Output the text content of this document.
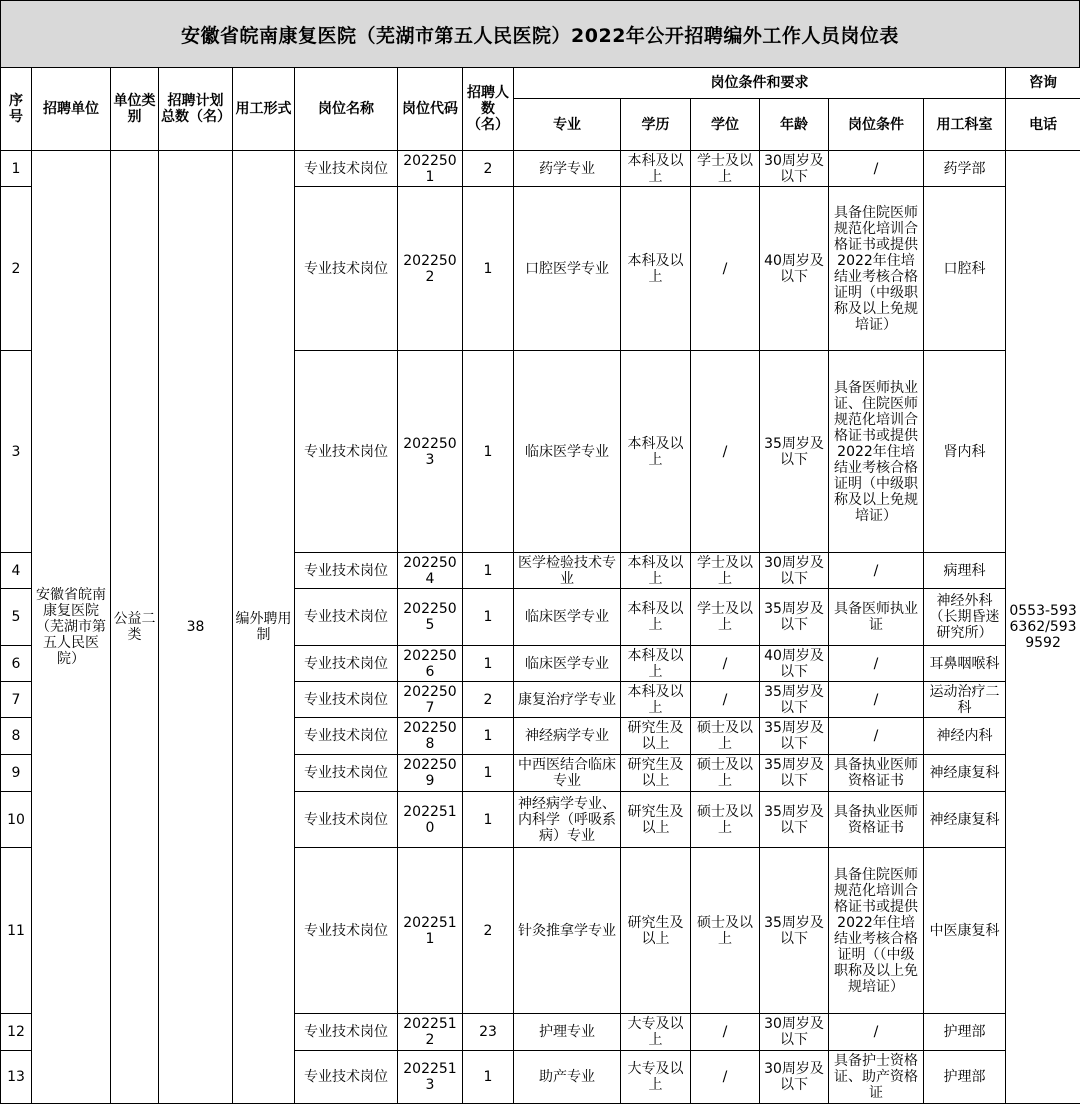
安徽省皖南康复医院（芜湖市第五人民医院）2022年公开招聘编外工作人员岗位表
序号	招聘单位	单位类别	招聘计划总数（名）	用工形式	岗位名称	岗位代码	招聘人数（名）	岗位条件和要求						咨询
								专业	学历	学位	年龄	岗位条件	用工科室	电话
1	安徽省皖南康复医院（芜湖市第五人民医院）	公益二类	38	编外聘用制	专业技术岗位	2022501	2	药学专业	本科及以上	学士及以上	30周岁及以下	/	药学部	0553-5936362/5939592
2					专业技术岗位	2022502	1	口腔医学专业	本科及以上	/	40周岁及以下	具备住院医师规范化培训合格证书或提供2022年住培结业考核合格证明（中级职称及以上免规培证）	口腔科	
3					专业技术岗位	2022503	1	临床医学专业	本科及以上	/	35周岁及以下	具备医师执业证、住院医师规范化培训合格证书或提供2022年住培结业考核合格证明（中级职称及以上免规培证）	肾内科	
4					专业技术岗位	2022504	1	医学检验技术专业	本科及以上	学士及以上	30周岁及以下	/	病理科	
5					专业技术岗位	2022505	1	临床医学专业	本科及以上	学士及以上	35周岁及以下	具备医师执业证	神经外科（长期昏迷研究所）	
6					专业技术岗位	2022506	1	临床医学专业	本科及以上	/	40周岁及以下	/	耳鼻咽喉科	
7					专业技术岗位	2022507	2	康复治疗学专业	本科及以上	/	35周岁及以下	/	运动治疗二科	
8					专业技术岗位	2022508	1	神经病学专业	研究生及以上	硕士及以上	35周岁及以下	/	神经内科	
9					专业技术岗位	2022509	1	中西医结合临床专业	研究生及以上	硕士及以上	35周岁及以下	具备执业医师资格证书	神经康复科	
10					专业技术岗位	2022510	1	神经病学专业、内科学（呼吸系病）专业	研究生及以上	硕士及以上	35周岁及以下	具备执业医师资格证书	神经康复科	
11					专业技术岗位	2022511	2	针灸推拿学专业	研究生及以上	硕士及以上	35周岁及以下	具备住院医师规范化培训合格证书或提供2022年住培结业考核合格证明（（中级职称及以上免规培证）	中医康复科	
12					专业技术岗位	2022512	23	护理专业	大专及以上	/	30周岁及以下	/	护理部	
13					专业技术岗位	2022513	1	助产专业	大专及以上	/	30周岁及以下	具备护士资格证、助产资格证	护理部	
